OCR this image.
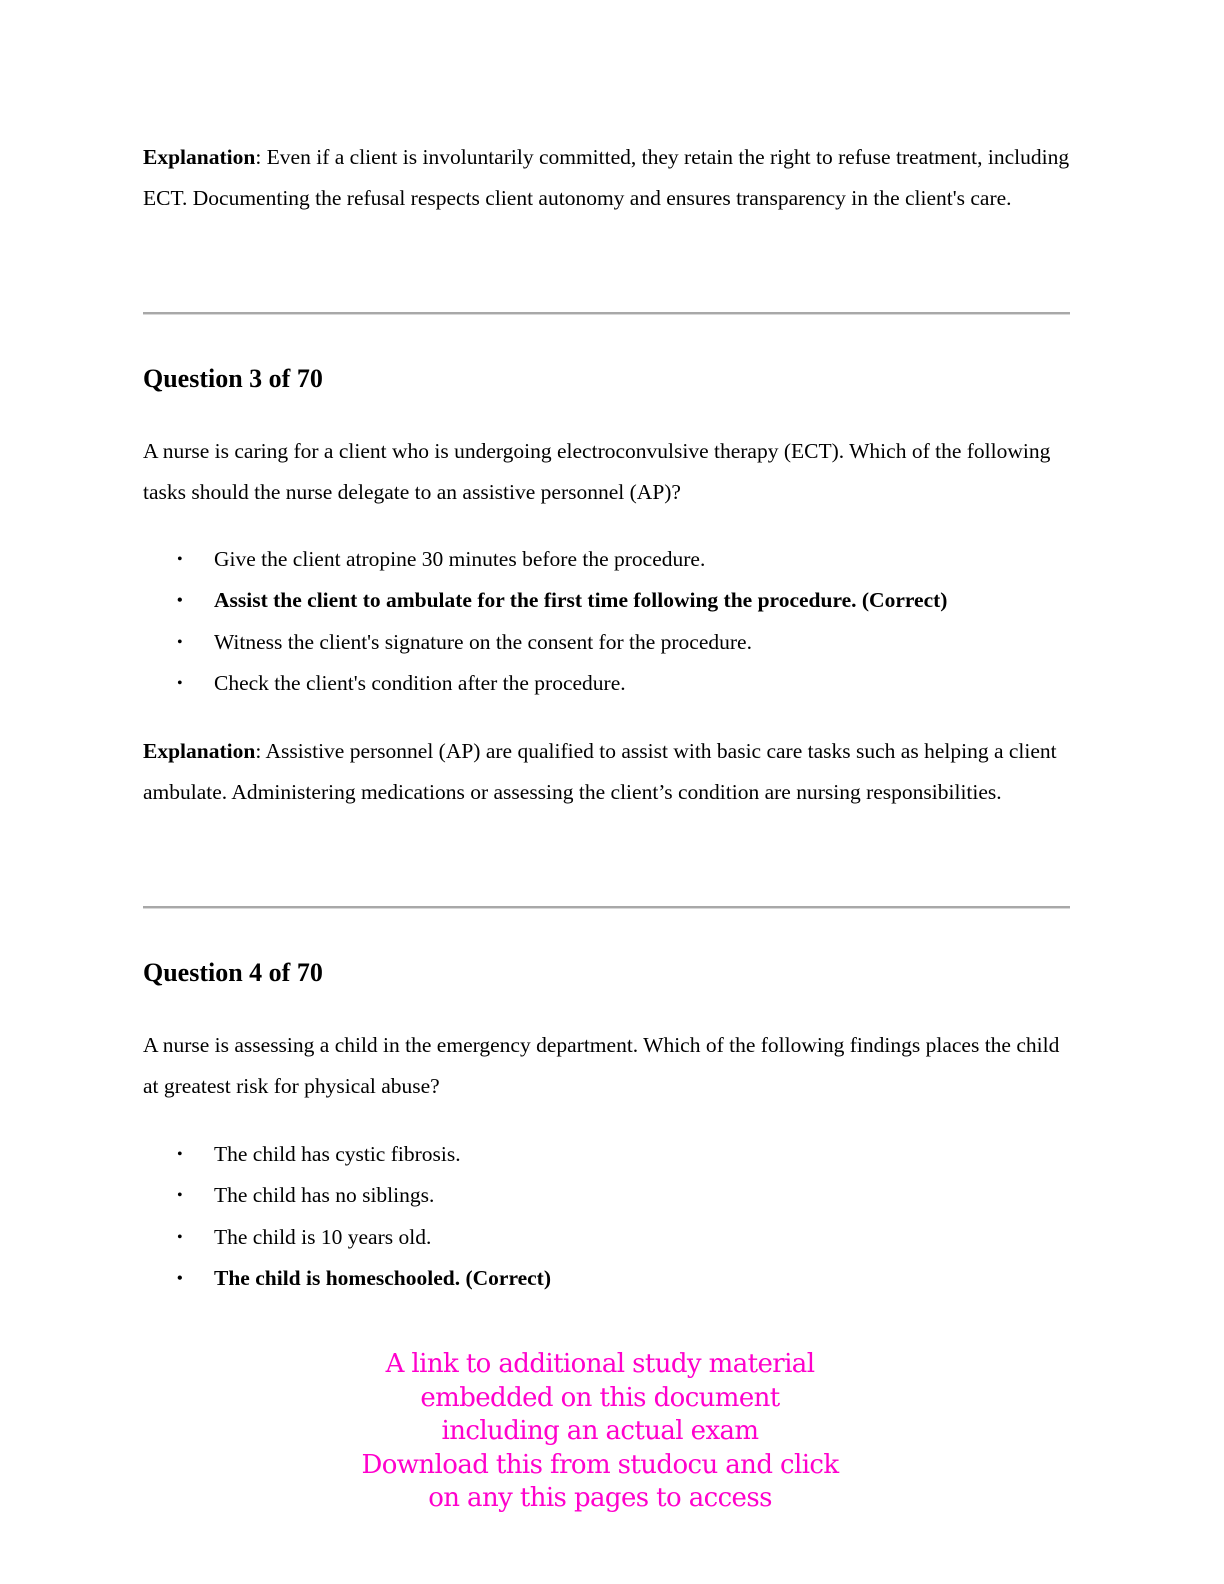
Explanation: Even if a client is involuntarily committed, they retain the right to refuse treatment, including ECT. Documenting the refusal respects client autonomy and ensures transparency in the client's care.

Question 3 of 70

A nurse is caring for a client who is undergoing electroconvulsive therapy (ECT). Which of the following tasks should the nurse delegate to an assistive personnel (AP)?

• Give the client atropine 30 minutes before the procedure.
• Assist the client to ambulate for the first time following the procedure. (Correct)
• Witness the client's signature on the consent for the procedure.
• Check the client's condition after the procedure.

Explanation: Assistive personnel (AP) are qualified to assist with basic care tasks such as helping a client ambulate. Administering medications or assessing the client’s condition are nursing responsibilities.

Question 4 of 70

A nurse is assessing a child in the emergency department. Which of the following findings places the child at greatest risk for physical abuse?

• The child has cystic fibrosis.
• The child has no siblings.
• The child is 10 years old.
• The child is homeschooled. (Correct)
A link to additional study material
embedded on this document
including an actual exam
Download this from studocu and click
on any this pages to access
